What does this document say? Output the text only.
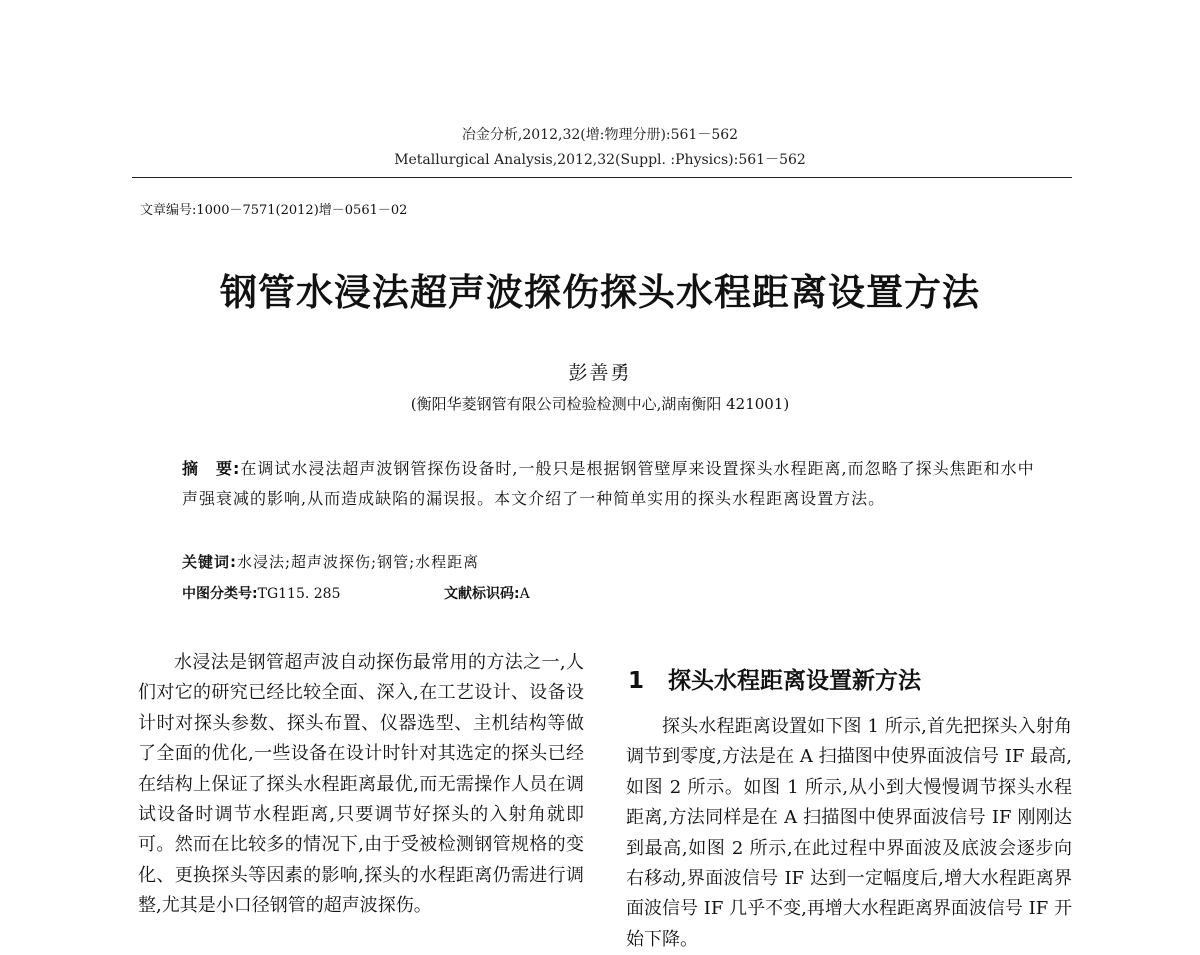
冶金分析,2012,32(增:物理分册):561－562
Metallurgical Analysis,2012,32(Suppl. :Physics):561－562
文章编号:1000－7571(2012)增－0561－02
钢管水浸法超声波探伤探头水程距离设置方法
彭善勇
(衡阳华菱钢管有限公司检验检测中心,湖南衡阳 421001)
摘　要:在调试水浸法超声波钢管探伤设备时,一般只是根据钢管壁厚来设置探头水程距离,而忽略了探头焦距和水中声强衰减的影响,从而造成缺陷的漏误报。本文介绍了一种简单实用的探头水程距离设置方法。
关键词:水浸法;超声波探伤;钢管;水程距离
中图分类号:TG115. 285	文献标识码:A
水浸法是钢管超声波自动探伤最常用的方法之一,人们对它的研究已经比较全面、深入,在工艺设计、设备设计时对探头参数、探头布置、仪器选型、主机结构等做了全面的优化,一些设备在设计时针对其选定的探头已经在结构上保证了探头水程距离最优,而无需操作人员在调试设备时调节水程距离,只要调节好探头的入射角就即可。然而在比较多的情况下,由于受被检测钢管规格的变化、更换探头等因素的影响,探头的水程距离仍需进行调整,尤其是小口径钢管的超声波探伤。
1 探头水程距离设置新方法
探头水程距离设置如下图 1 所示,首先把探头入射角调节到零度,方法是在 A 扫描图中使界面波信号 IF 最高,如图 2 所示。如图 1 所示,从小到大慢慢调节探头水程距离,方法同样是在 A 扫描图中使界面波信号 IF 刚刚达到最高,如图 2 所示,在此过程中界面波及底波会逐步向右移动,界面波信号 IF 达到一定幅度后,增大水程距离界面波信号 IF 几乎不变,再增大水程距离界面波信号 IF 开始下降。
